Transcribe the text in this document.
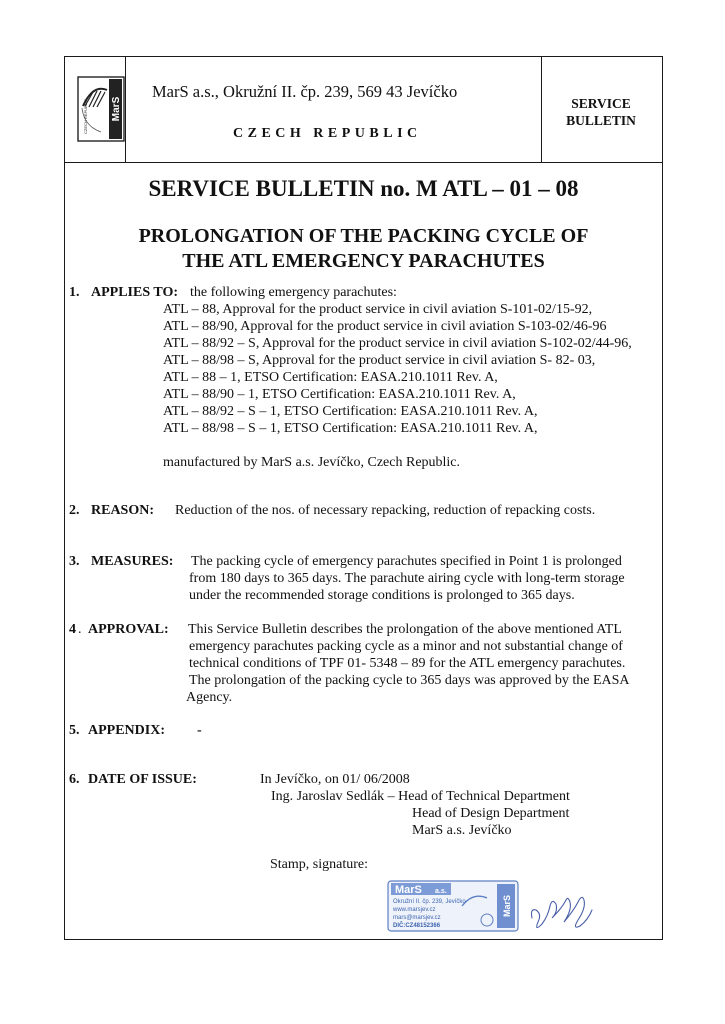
MarS
CZECH REPUBLIC
MarS a.s., Okružní II. čp. 239, 569 43 Jevíčko
CZECH REPUBLIC
SERVICE
BULLETIN
SERVICE BULLETIN no. M ATL – 01 – 08
PROLONGATION OF THE PACKING CYCLE OF
THE ATL EMERGENCY PARACHUTES
1. APPLIES TO: the following emergency parachutes:
ATL – 88, Approval for the product service in civil aviation S-101-02/15-92,
ATL – 88/90, Approval for the product service in civil aviation S-103-02/46-96
ATL – 88/92 – S, Approval for the product service in civil aviation S-102-02/44-96,
ATL – 88/98 – S, Approval for the product service in civil aviation S- 82- 03,
ATL – 88 – 1, ETSO Certification: EASA.210.1011 Rev. A,
ATL – 88/90 – 1, ETSO Certification: EASA.210.1011 Rev. A,
ATL – 88/92 – S – 1, ETSO Certification: EASA.210.1011 Rev. A,
ATL – 88/98 – S – 1, ETSO Certification: EASA.210.1011 Rev. A,
manufactured by MarS a.s. Jevíčko, Czech Republic.
2. REASON: Reduction of the nos. of necessary repacking, reduction of repacking costs.
3. MEASURES: The packing cycle of emergency parachutes specified in Point 1 is prolonged
from 180 days to 365 days. The parachute airing cycle with long-term storage
under the recommended storage conditions is prolonged to 365 days.
4 . APPROVAL: This Service Bulletin describes the prolongation of the above mentioned ATL
emergency parachutes packing cycle as a minor and not substantial change of
technical conditions of TPF 01- 5348 – 89 for the ATL emergency parachutes.
The prolongation of the packing cycle to 365 days was approved by the EASA
Agency.
5. APPENDIX: -
6. DATE OF ISSUE:	In Jevíčko, on 01/ 06/2008
Ing. Jaroslav Sedlák – Head of Technical Department
Head of Design Department
MarS a.s. Jevíčko
Stamp, signature:
MarS a.s.
Okružní II. čp. 239, Jevíčko
www.marsjev.cz
mars@marsjev.cz
DIČ:CZ48152366
MarS
